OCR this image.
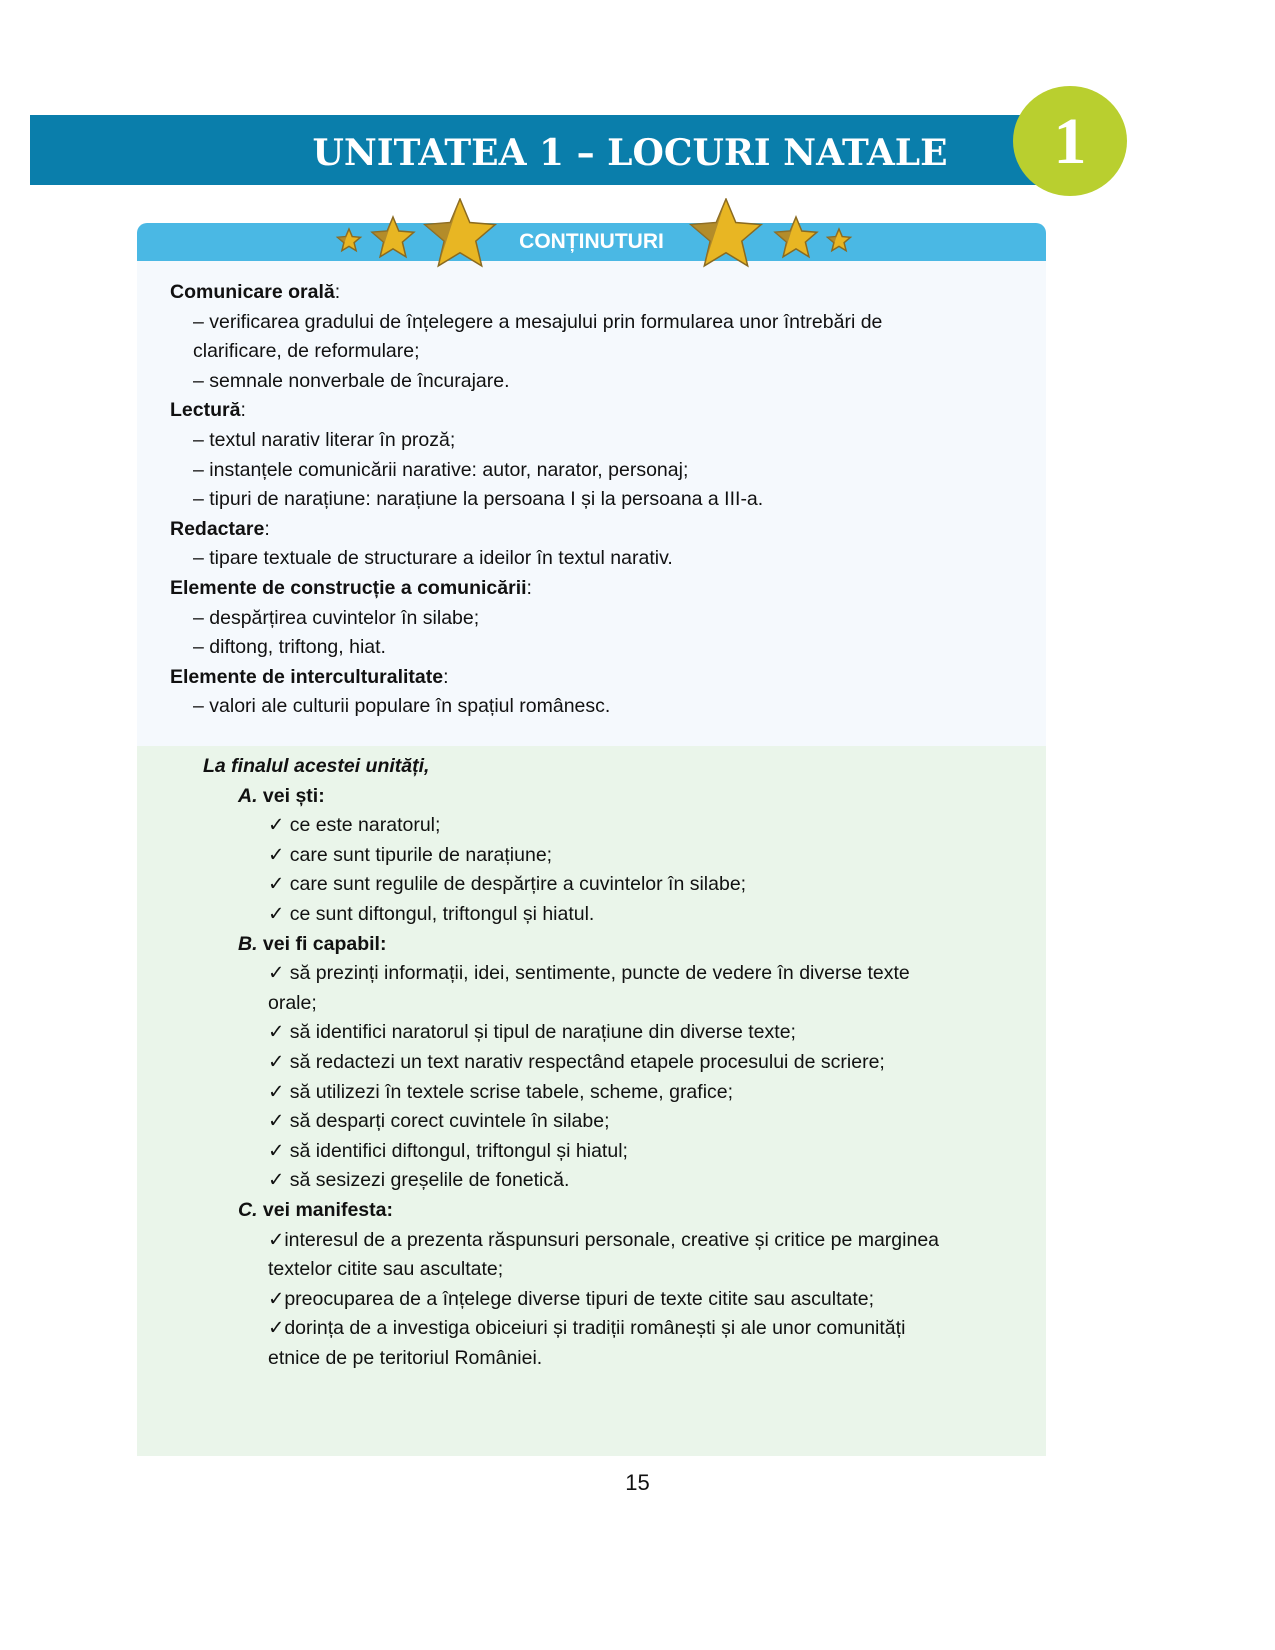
UNITATEA 1 – LOCURI NATALE	1
Comunicare orală:
– verificarea gradului de înțelegere a mesajului prin formularea unor întrebări de
clarificare, de reformulare;
– semnale nonverbale de încurajare.
Lectură:
– textul narativ literar în proză;
– instanțele comunicării narative: autor, narator, personaj;
– tipuri de narațiune: narațiune la persoana I și la persoana a III-a.
Redactare:
– tipare textuale de structurare a ideilor în textul narativ.
Elemente de construcție a comunicării:
– despărțirea cuvintelor în silabe;
– diftong, triftong, hiat.
Elemente de interculturalitate:
– valori ale culturii populare în spațiul românesc.
La finalul acestei unități,
A. vei ști:
✓ ce este naratorul;
✓ care sunt tipurile de narațiune;
✓ care sunt regulile de despărțire a cuvintelor în silabe;
✓ ce sunt diftongul, triftongul și hiatul.
B. vei fi capabil:
✓ să prezinți informații, idei, sentimente, puncte de vedere în diverse texte
orale;
✓ să identifici naratorul și tipul de narațiune din diverse texte;
✓ să redactezi un text narativ respectând etapele procesului de scriere;
✓ să utilizezi în textele scrise tabele, scheme, grafice;
✓ să desparți corect cuvintele în silabe;
✓ să identifici diftongul, triftongul și hiatul;
✓ să sesizezi greșelile de fonetică.
C. vei manifesta:
✓interesul de a prezenta răspunsuri personale, creative și critice pe marginea
textelor citite sau ascultate;
✓preocuparea de a înțelege diverse tipuri de texte citite sau ascultate;
✓dorința de a investiga obiceiuri și tradiții românești și ale unor comunități
etnice de pe teritoriul României.
CONȚINUTURI
15
